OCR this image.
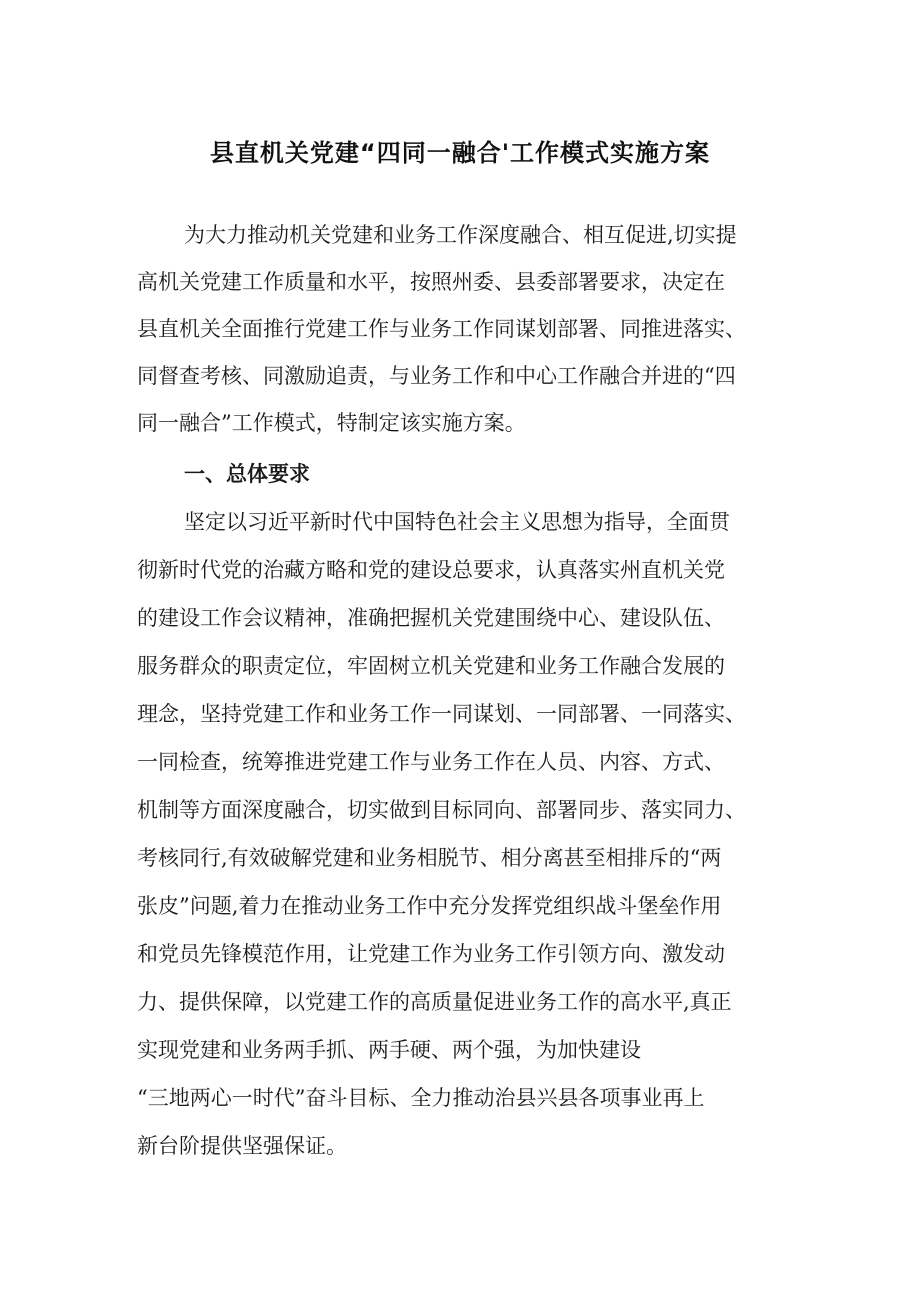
县直机关党建“四同一融合'工作模式实施方案
为大力推动机关党建和业务工作深度融合、相互促进,切实提
高机关党建工作质量和水平，按照州委、县委部署要求，决定在
县直机关全面推行党建工作与业务工作同谋划部署、同推进落实、
同督查考核、同激励追责，与业务工作和中心工作融合并进的“四
同一融合”工作模式，特制定该实施方案。
一、总体要求
坚定以习近平新时代中国特色社会主义思想为指导，全面贯
彻新时代党的治藏方略和党的建设总要求，认真落实州直机关党
的建设工作会议精神，准确把握机关党建围绕中心、建设队伍、
服务群众的职责定位，牢固树立机关党建和业务工作融合发展的
理念，坚持党建工作和业务工作一同谋划、一同部署、一同落实、
一同检查，统筹推进党建工作与业务工作在人员、内容、方式、
机制等方面深度融合，切实做到目标同向、部署同步、落实同力、
考核同行,有效破解党建和业务相脱节、相分离甚至相排斥的“两
张皮”问题,着力在推动业务工作中充分发挥党组织战斗堡垒作用
和党员先锋模范作用，让党建工作为业务工作引领方向、激发动
力、提供保障，以党建工作的高质量促进业务工作的高水平,真正
实现党建和业务两手抓、两手硬、两个强，为加快建设
“三地两心一时代”奋斗目标、全力推动治县兴县各项事业再上
新台阶提供坚强保证。
